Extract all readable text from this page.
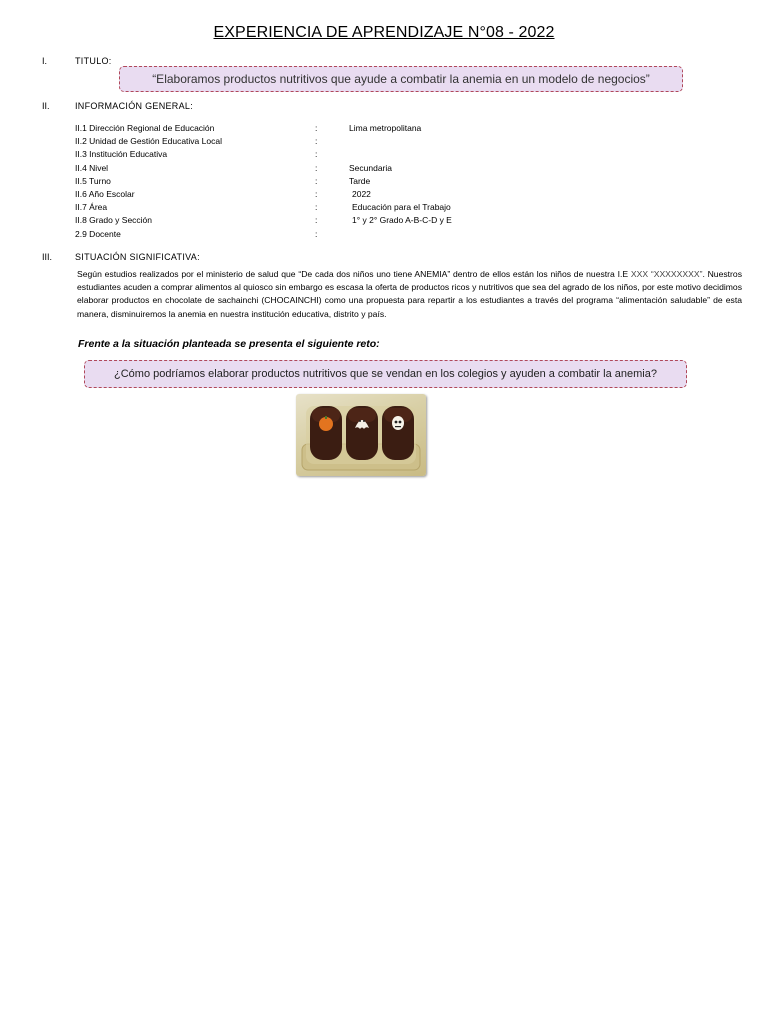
EXPERIENCIA DE APRENDIZAJE N°08 - 2022
I.	TITULO:
“Elaboramos productos nutritivos que ayude a combatir la anemia en un modelo de negocios”
II.	INFORMACIÓN GENERAL:
II.1 Dirección Regional de Educación	:	Lima metropolitana
II.2 Unidad de Gestión Educativa Local	:
II.3 Institución Educativa	:
II.4 Nivel	:	Secundaria
II.5 Turno	:	Tarde
II.6 Año Escolar	:	2022
II.7 Área	:	Educación para el Trabajo
II.8 Grado y Sección	:	1° y 2° Grado A-B-C-D y E
2.9 Docente	:
III.	SITUACIÓN SIGNIFICATIVA:
Según estudios realizados por el ministerio de salud que “De cada dos niños uno tiene ANEMIA” dentro de ellos están los niños de nuestra I.E XXX “XXXXXXXX”. Nuestros estudiantes acuden a comprar alimentos al quiosco sin embargo es escasa la oferta de productos ricos y nutritivos que sea del agrado de los niños, por este motivo decidimos elaborar productos en chocolate de sachainchi (CHOCAINCHI) como una propuesta para repartir a los estudiantes a través del programa “alimentación saludable” de esta manera, disminuiremos la anemia en nuestra institución educativa, distrito y país.
Frente a la situación planteada se presenta el siguiente reto:
¿Cómo podríamos elaborar productos nutritivos que se vendan en los colegios y ayuden a combatir la anemia?
